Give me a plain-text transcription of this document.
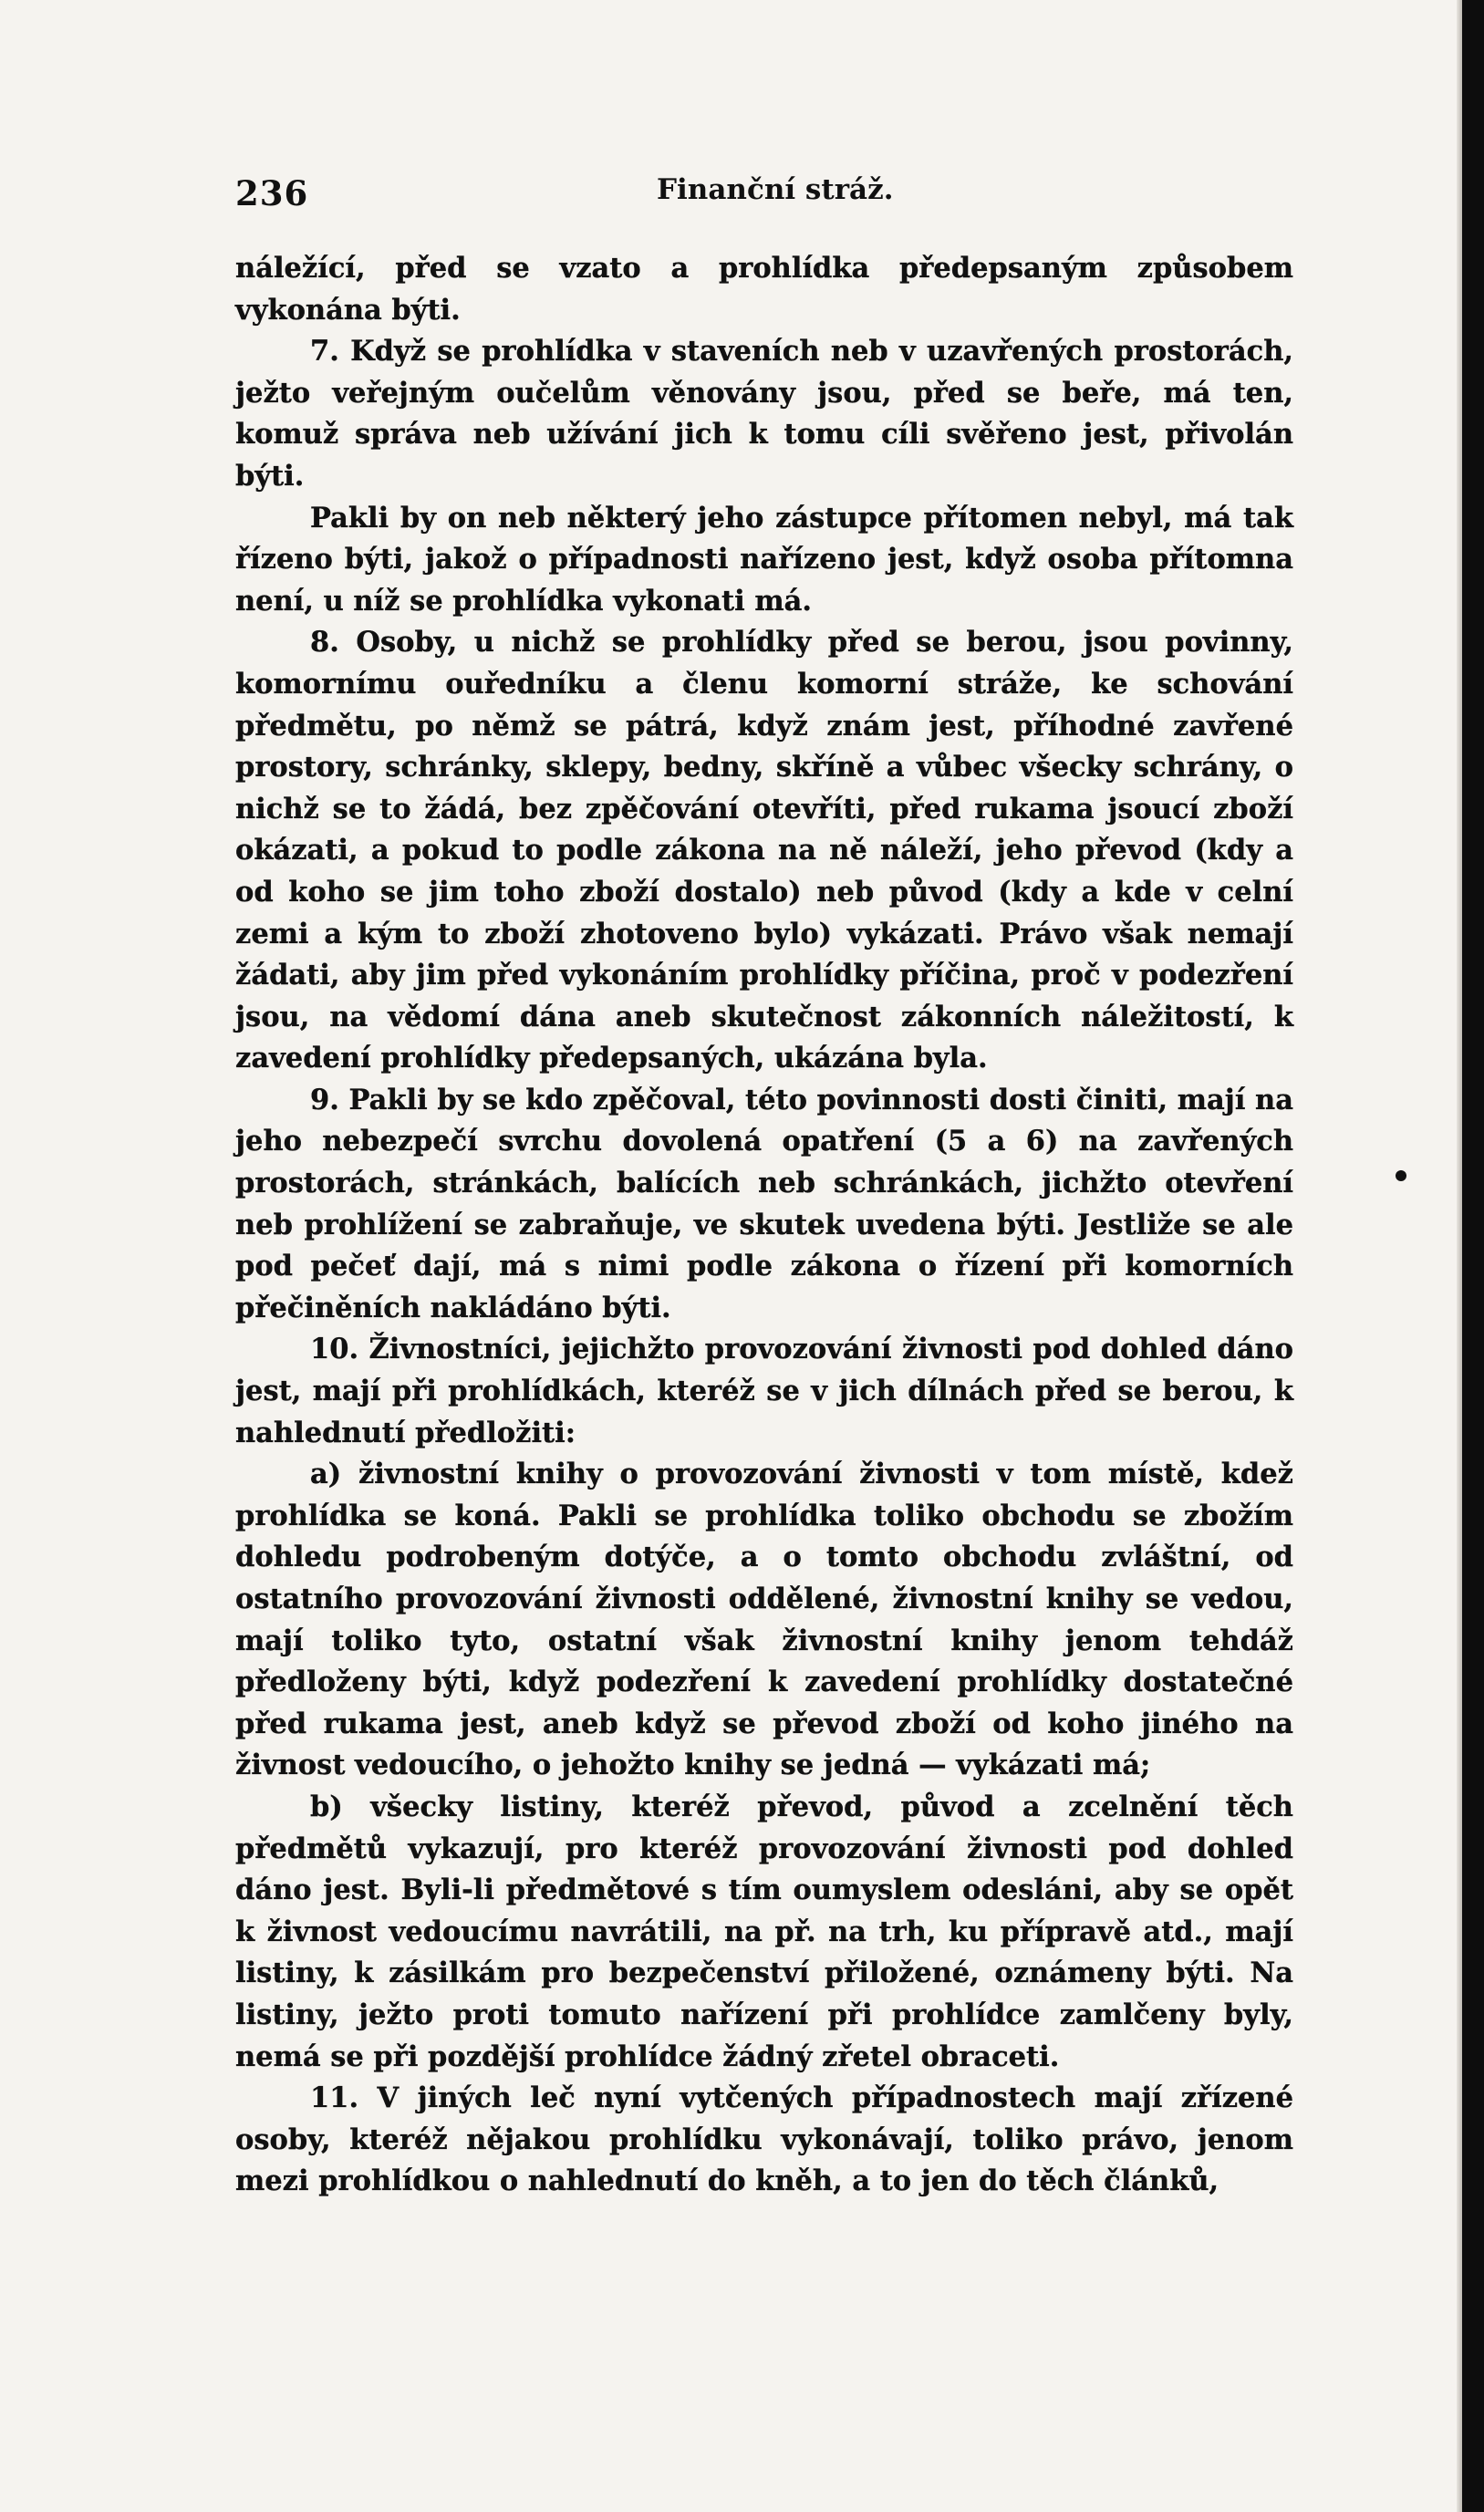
236	Finanční stráž.

náležící, před se vzato a prohlídka předepsaným způsobem vykonána býti.

7. Když se prohlídka v staveních neb v uzavřených prostorách, ježto veřejným oučelům věnovány jsou, před se beře, má ten, komuž správa neb užívání jich k tomu cíli svěřeno jest, přivolán býti.

Pakli by on neb některý jeho zástupce přítomen nebyl, má tak řízeno býti, jakož o případnosti nařízeno jest, když osoba přítomna není, u níž se prohlídka vykonati má.

8. Osoby, u nichž se prohlídky před se berou, jsou povinny, komornímu ouředníku a členu komorní stráže, ke schování předmětu, po němž se pátrá, když znám jest, příhodné zavřené prostory, schránky, sklepy, bedny, skříně a vůbec všecky schrány, o nichž se to žádá, bez zpěčování otevříti, před rukama jsoucí zboží okázati, a pokud to podle zákona na ně náleží, jeho převod (kdy a od koho se jim toho zboží dostalo) neb původ (kdy a kde v celní zemi a kým to zboží zhotoveno bylo) vykázati. Právo však nemají žádati, aby jim před vykonáním prohlídky příčina, proč v podezření jsou, na vědomí dána aneb skutečnost zákonních náležitostí, k zavedení prohlídky předepsaných, ukázána byla.

9. Pakli by se kdo zpěčoval, této povinnosti dosti činiti, mají na jeho nebezpečí svrchu dovolená opatření (5 a 6) na zavřených prostorách, stránkách, balících neb schránkách, jichžto otevření neb prohlížení se zabraňuje, ve skutek uvedena býti. Jestliže se ale pod pečeť dají, má s nimi podle zákona o řízení při komorních přečiněních nakládáno býti.

10. Živnostníci, jejichžto provozování živnosti pod dohled dáno jest, mají při prohlídkách, kteréž se v jich dílnách před se berou, k nahlednutí předložiti:

a) živnostní knihy o provozování živnosti v tom místě, kdež prohlídka se koná. Pakli se prohlídka toliko obchodu se zbožím dohledu podrobeným dotýče, a o tomto obchodu zvláštní, od ostatního provozování živnosti oddělené, živnostní knihy se vedou, mají toliko tyto, ostatní však živnostní knihy jenom tehdáž předloženy býti, když podezření k zavedení prohlídky dostatečné před rukama jest, aneb když se převod zboží od koho jiného na živnost vedoucího, o jehožto knihy se jedná — vykázati má;

b) všecky listiny, kteréž převod, původ a zcelnění těch předmětů vykazují, pro kteréž provozování živnosti pod dohled dáno jest. Byli-li předmětové s tím oumyslem odesláni, aby se opět k živnost vedoucímu navrátili, na př. na trh, ku přípravě atd., mají listiny, k zásilkám pro bezpečenství přiložené, oznámeny býti. Na listiny, ježto proti tomuto nařízení při prohlídce zamlčeny byly, nemá se při pozdější prohlídce žádný zřetel obraceti.

11. V jiných leč nyní vytčených případnostech mají zřízené osoby, kteréž nějakou prohlídku vykonávají, toliko právo, jenom mezi prohlídkou o nahlednutí do kněh, a to jen do těch článků,
